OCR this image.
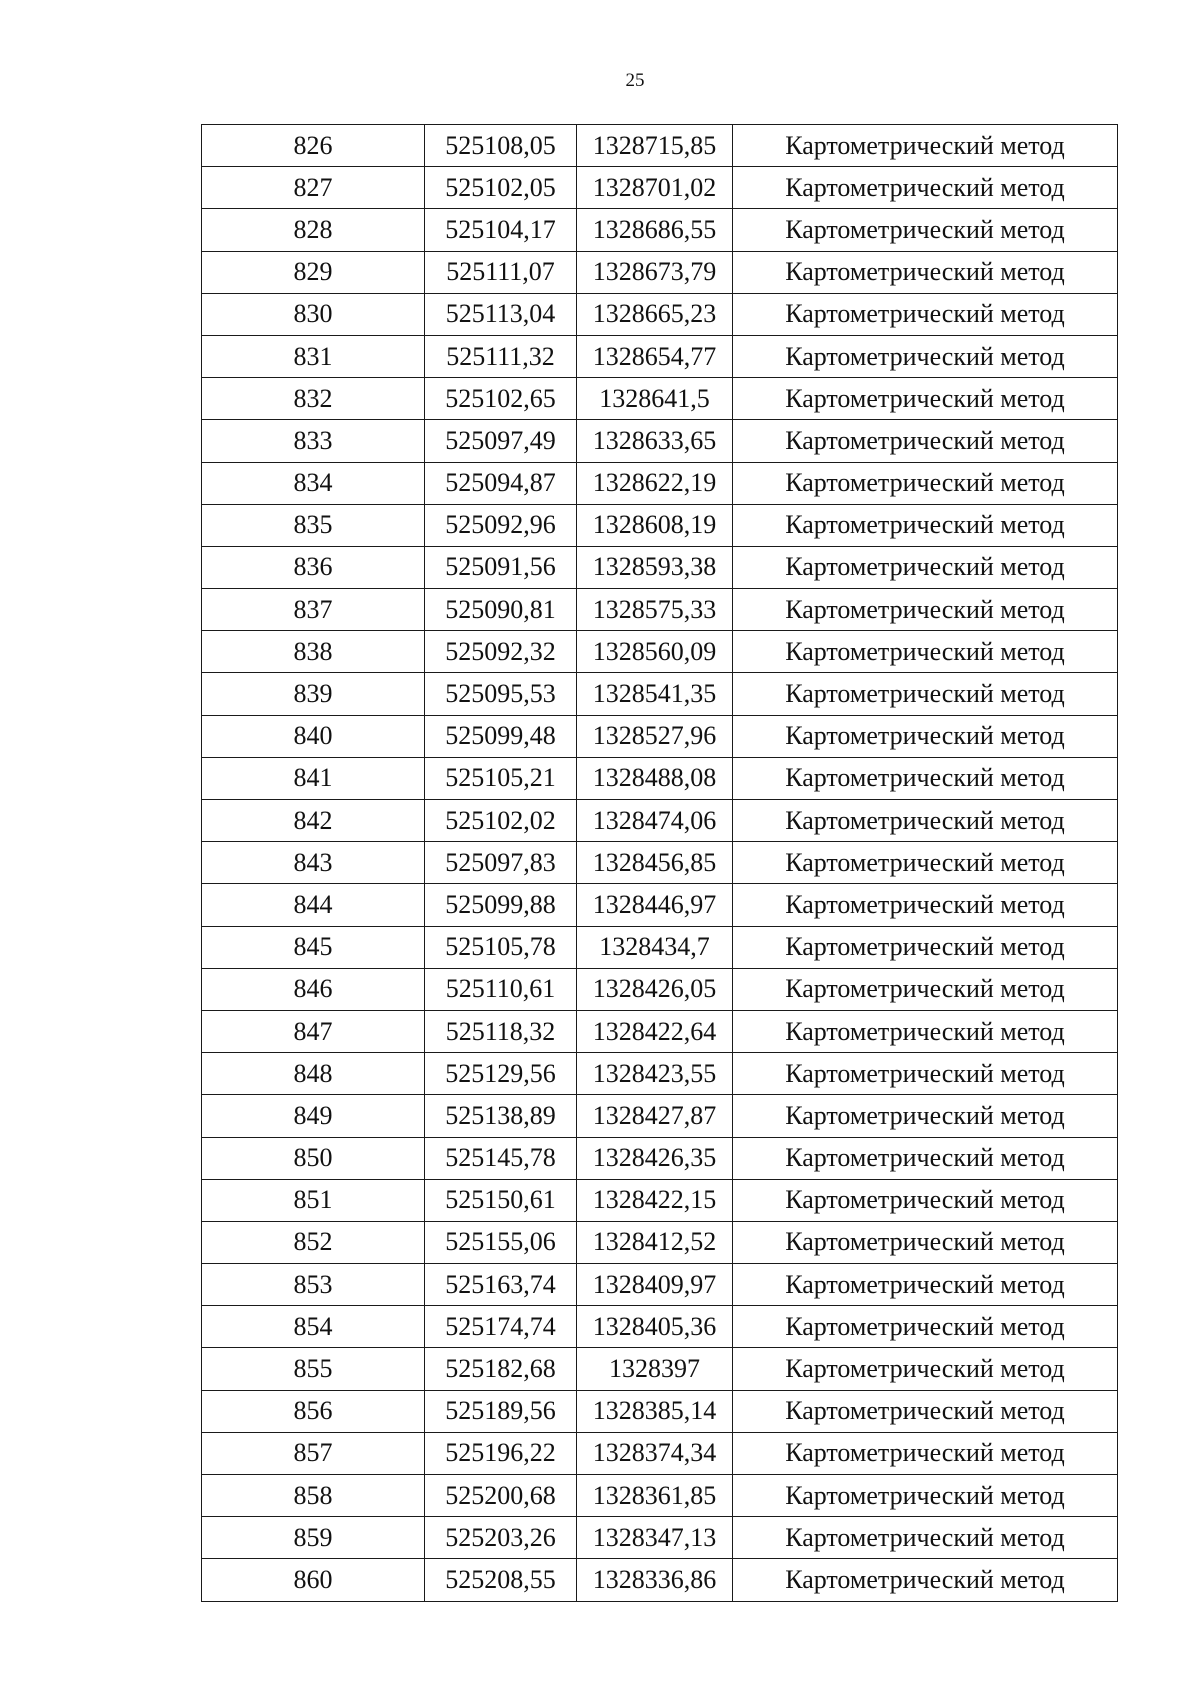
25
826	525108,05	1328715,85	Картометрический метод
827	525102,05	1328701,02	Картометрический метод
828	525104,17	1328686,55	Картометрический метод
829	525111,07	1328673,79	Картометрический метод
830	525113,04	1328665,23	Картометрический метод
831	525111,32	1328654,77	Картометрический метод
832	525102,65	1328641,5	Картометрический метод
833	525097,49	1328633,65	Картометрический метод
834	525094,87	1328622,19	Картометрический метод
835	525092,96	1328608,19	Картометрический метод
836	525091,56	1328593,38	Картометрический метод
837	525090,81	1328575,33	Картометрический метод
838	525092,32	1328560,09	Картометрический метод
839	525095,53	1328541,35	Картометрический метод
840	525099,48	1328527,96	Картометрический метод
841	525105,21	1328488,08	Картометрический метод
842	525102,02	1328474,06	Картометрический метод
843	525097,83	1328456,85	Картометрический метод
844	525099,88	1328446,97	Картометрический метод
845	525105,78	1328434,7	Картометрический метод
846	525110,61	1328426,05	Картометрический метод
847	525118,32	1328422,64	Картометрический метод
848	525129,56	1328423,55	Картометрический метод
849	525138,89	1328427,87	Картометрический метод
850	525145,78	1328426,35	Картометрический метод
851	525150,61	1328422,15	Картометрический метод
852	525155,06	1328412,52	Картометрический метод
853	525163,74	1328409,97	Картометрический метод
854	525174,74	1328405,36	Картометрический метод
855	525182,68	1328397	Картометрический метод
856	525189,56	1328385,14	Картометрический метод
857	525196,22	1328374,34	Картометрический метод
858	525200,68	1328361,85	Картометрический метод
859	525203,26	1328347,13	Картометрический метод
860	525208,55	1328336,86	Картометрический метод
